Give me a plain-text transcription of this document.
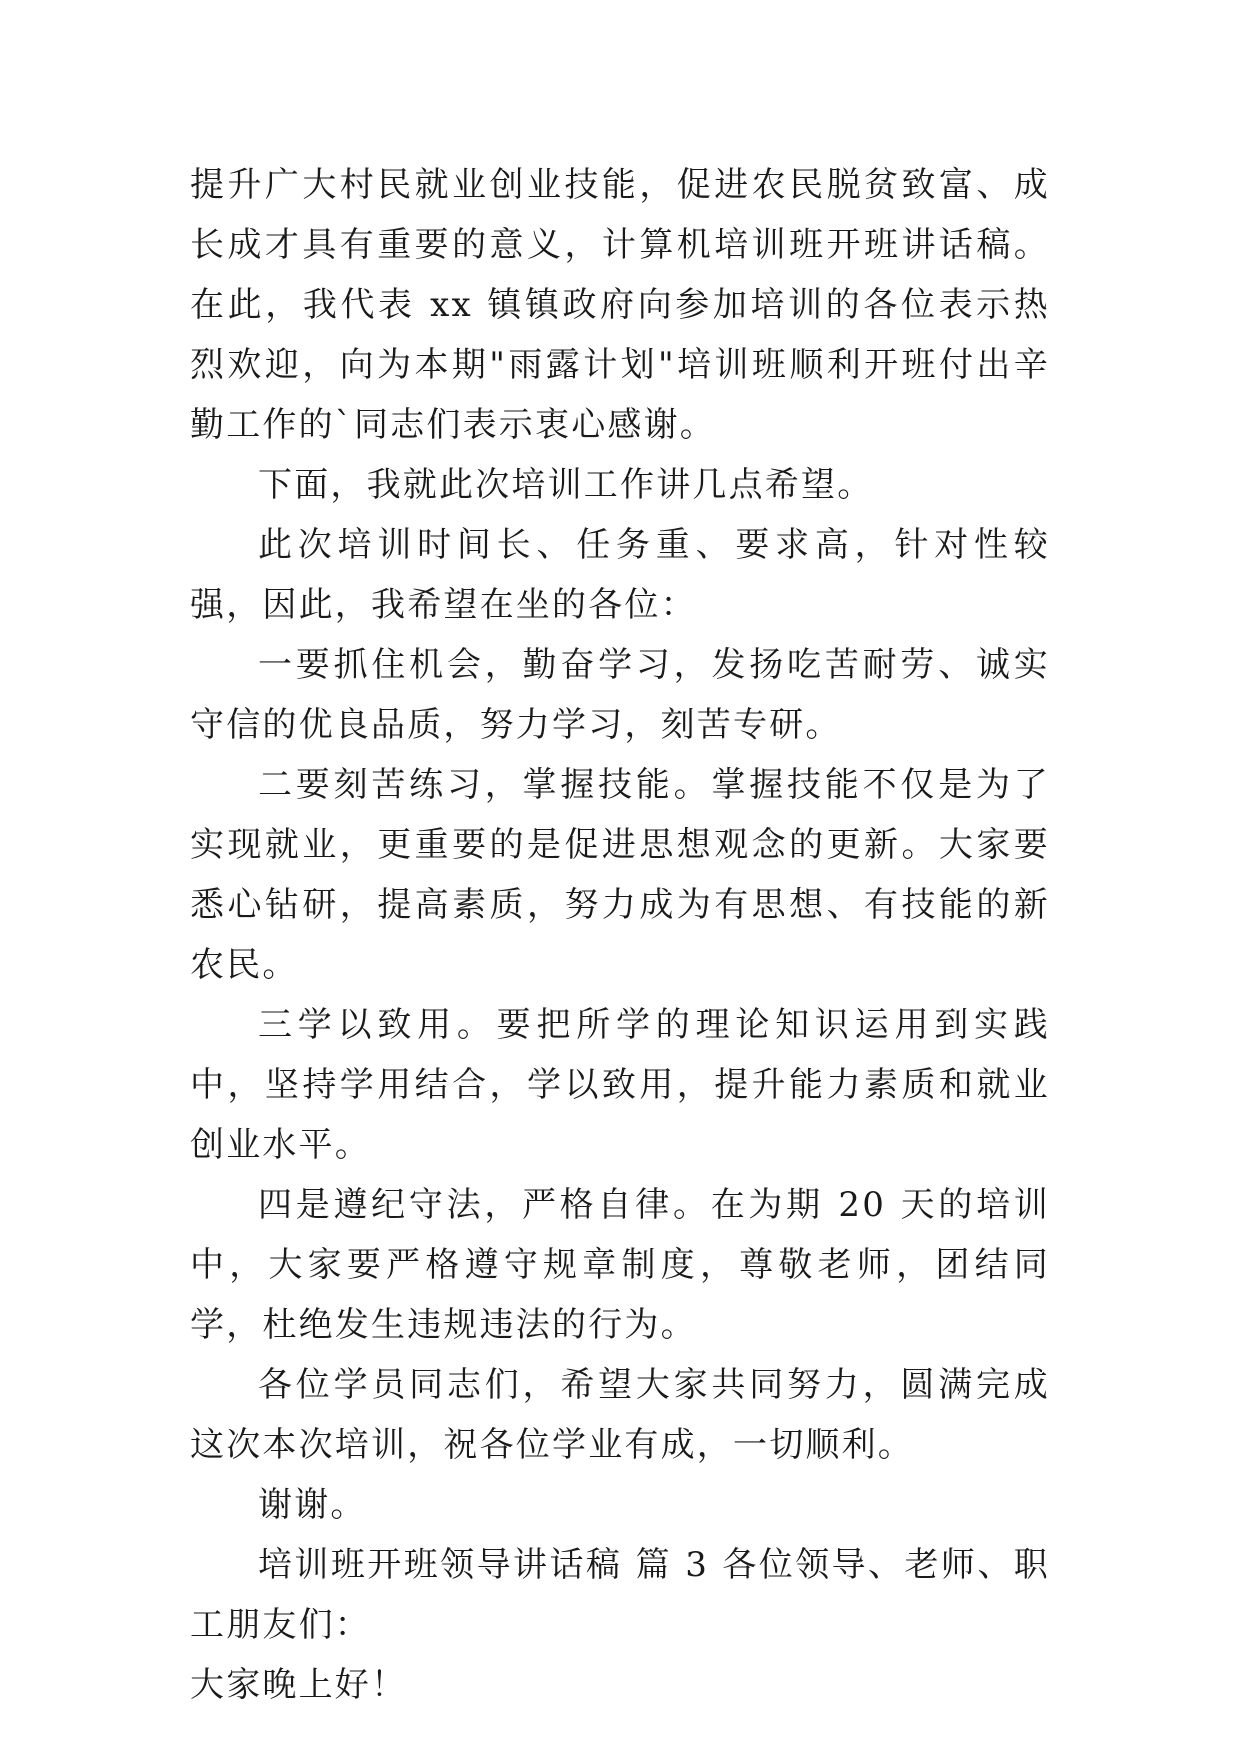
提升广大村民就业创业技能，促进农民脱贫致富、成长成才具有重要的意义，计算机培训班开班讲话稿。在此，我代表 xx 镇镇政府向参加培训的各位表示热烈欢迎，向为本期"雨露计划"培训班顺利开班付出辛勤工作的`同志们表示衷心感谢。

下面，我就此次培训工作讲几点希望。

此次培训时间长、任务重、要求高，针对性较强，因此，我希望在坐的各位：

一要抓住机会，勤奋学习，发扬吃苦耐劳、诚实守信的优良品质，努力学习，刻苦专研。

二要刻苦练习，掌握技能。掌握技能不仅是为了实现就业，更重要的是促进思想观念的更新。大家要悉心钻研，提高素质，努力成为有思想、有技能的新农民。

三学以致用。要把所学的理论知识运用到实践中，坚持学用结合，学以致用，提升能力素质和就业创业水平。

四是遵纪守法，严格自律。在为期 20 天的培训中，大家要严格遵守规章制度，尊敬老师，团结同学，杜绝发生违规违法的行为。

各位学员同志们，希望大家共同努力，圆满完成这次本次培训，祝各位学业有成，一切顺利。

谢谢。

培训班开班领导讲话稿 篇 3 各位领导、老师、职工朋友们：

大家晚上好！
